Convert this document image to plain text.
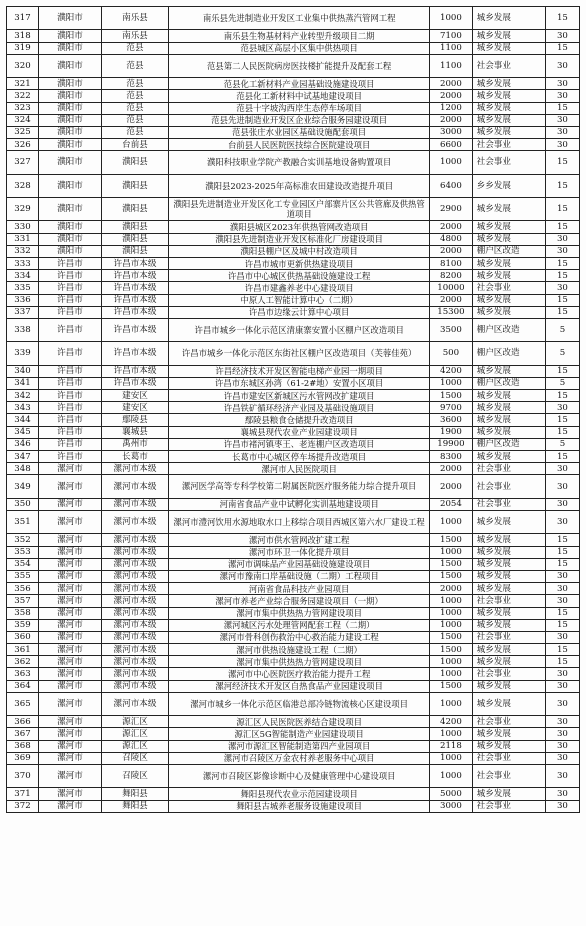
317	濮阳市	南乐县	南乐县先进制造业开发区工业集中供热蒸汽管网工程	1000	城乡发展	15
318	濮阳市	南乐县	南乐县生物基材料产业转型升级项目二期	7100	城乡发展	30
319	濮阳市	范县	范县城区高层小区集中供热项目	1100	城乡发展	15
320	濮阳市	范县	范县第二人民医院病房医技楼扩能提升及配套工程	1100	社会事业	30
321	濮阳市	范县	范县化工新材料产业园基础设施建设项目	2000	城乡发展	30
322	濮阳市	范县	范县化工新材料中试基地建设项目	2000	城乡发展	30
323	濮阳市	范县	范县十字坡沟西岸生态停车场项目	1200	城乡发展	15
324	濮阳市	范县	范县先进制造业开发区企业综合服务园建设项目	2000	城乡发展	30
325	濮阳市	范县	范县张庄水业园区基础设施配套项目	3000	城乡发展	30
326	濮阳市	台前县	台前县人民医院医技综合医院建设项目	6600	社会事业	30
327	濮阳市	濮阳县	濮阳科技职业学院产教融合实训基地设备购置项目	1000	社会事业	15
328	濮阳市	濮阳县	濮阳县2023-2025年高标准农田建设改造提升项目	6400	乡乡发展	15
329	濮阳市	濮阳县	濮阳县先进制造业开发区化工专业园区户部寨片区公共管廊及供热管道项目	2900	城乡发展	15
330	濮阳市	濮阳县	濮阳县城区2023年供热管网改造项目	2000	城乡发展	15
331	濮阳市	濮阳县	濮阳县先进制造业开发区标准化厂房建设项目	4800	城乡发展	30
332	濮阳市	濮阳县	濮阳县棚户区及城中村改造项目	2000	棚户区改造	30
333	许昌市	许昌市本级	许昌市城市更新供热建设项目	8100	城乡发展	15
334	许昌市	许昌市本级	许昌市中心城区供热基础设施建设工程	8200	城乡发展	15
335	许昌市	许昌市本级	许昌市建鑫养老中心建设项目	10000	社会事业	30
336	许昌市	许昌市本级	中原人工智能计算中心（二期）	2000	城乡发展	15
337	许昌市	许昌市本级	许昌市边缘云计算中心项目	15300	城乡发展	15
338	许昌市	许昌市本级	许昌市城乡一体化示范区清康寨安置小区棚户区改造项目	3500	棚户区改造	5
339	许昌市	许昌市本级	许昌市城乡一体化示范区东街社区棚户区改造项目（芙蓉佳苑）	500	棚户区改造	5
340	许昌市	许昌市本级	许昌经济技术开发区智能电梯产业园一期项目	4200	城乡发展	15
341	许昌市	许昌市本级	许昌市东城区孙湾（61-2#地）安置小区项目	1000	棚户区改造	5
342	许昌市	建安区	许昌市建安区新城区污水管网改扩建项目	1500	城乡发展	15
343	许昌市	建安区	许昌铁矿循环经济产业园及基础设施项目	9700	城乡发展	30
344	许昌市	鄢陵县	鄢陵县粮食仓储提升改造项目	3600	城乡发展	15
345	许昌市	襄城县	襄城县现代农业产业园建设项目	1900	城乡发展	15
346	许昌市	禹州市	许昌市褚河镇枣王、老连棚户区改造项目	19900	棚户区改造	5
347	许昌市	长葛市	长葛市中心城区停车场提升改造项目	8300	城乡发展	15
348	漯河市	漯河市本级	漯河市人民医院项目	2000	社会事业	30
349	漯河市	漯河市本级	漯河医学高等专科学校第二附属医院医疗服务能力综合提升项目	2000	社会事业	30
350	漯河市	漯河市本级	河南省食品产业中试孵化实训基地建设项目	2054	社会事业	30
351	漯河市	漯河市本级	漯河市澧河饮用水源地取水口上移综合项目西城区第六水厂建设工程	1000	城乡发展	30
352	漯河市	漯河市本级	漯河市供水管网改扩建工程	1500	城乡发展	15
353	漯河市	漯河市本级	漯河市环卫一体化提升项目	1000	城乡发展	15
354	漯河市	漯河市本级	漯河市调味品产业园基础设施建设项目	1500	城乡发展	15
355	漯河市	漯河市本级	漯河市豫南口岸基础设施（二期）工程项目	1500	城乡发展	30
356	漯河市	漯河市本级	河南省食品科技产业园项目	2000	城乡发展	30
357	漯河市	漯河市本级	漯河市养老产业综合服务园建设项目（一期）	1000	社会事业	30
358	漯河市	漯河市本级	漯河市集中供热热力管网建设项目	1000	城乡发展	15
359	漯河市	漯河市本级	漯河城区污水处理管网配套工程（二期）	1000	城乡发展	15
360	漯河市	漯河市本级	漯河市骨科创伤救治中心救治能力建设工程	1500	社会事业	30
361	漯河市	漯河市本级	漯河市供热设施建设工程（二期）	1500	城乡发展	15
362	漯河市	漯河市本级	漯河市集中供热热力管网建设项目	1000	城乡发展	15
363	漯河市	漯河市本级	漯河市中心医院医疗救治能力提升工程	1000	社会事业	30
364	漯河市	漯河市本级	漯河经济技术开发区自热食品产业园建设项目	1500	城乡发展	30
365	漯河市	漯河市本级	漯河市城乡一体化示范区临港总部冷链物流核心区建设项目	1000	城乡发展	30
366	漯河市	源汇区	源汇区人民医院医养结合建设项目	4200	社会事业	30
367	漯河市	源汇区	源汇区5G智能制造产业园建设项目	1000	城乡发展	30
368	漯河市	源汇区	漯河市源汇区智能制造第四产业园项目	2118	城乡发展	30
369	漯河市	召陵区	漯河市召陵区万金农村养老服务中心项目	1000	社会事业	30
370	漯河市	召陵区	漯河市召陵区影像诊断中心及健康管理中心建设项目	1000	社会事业	30
371	漯河市	舞阳县	舞阳县现代农业示范园建设项目	5000	城乡发展	30
372	漯河市	舞阳县	舞阳县古城养老服务设施建设项目	3000	社会事业	30
